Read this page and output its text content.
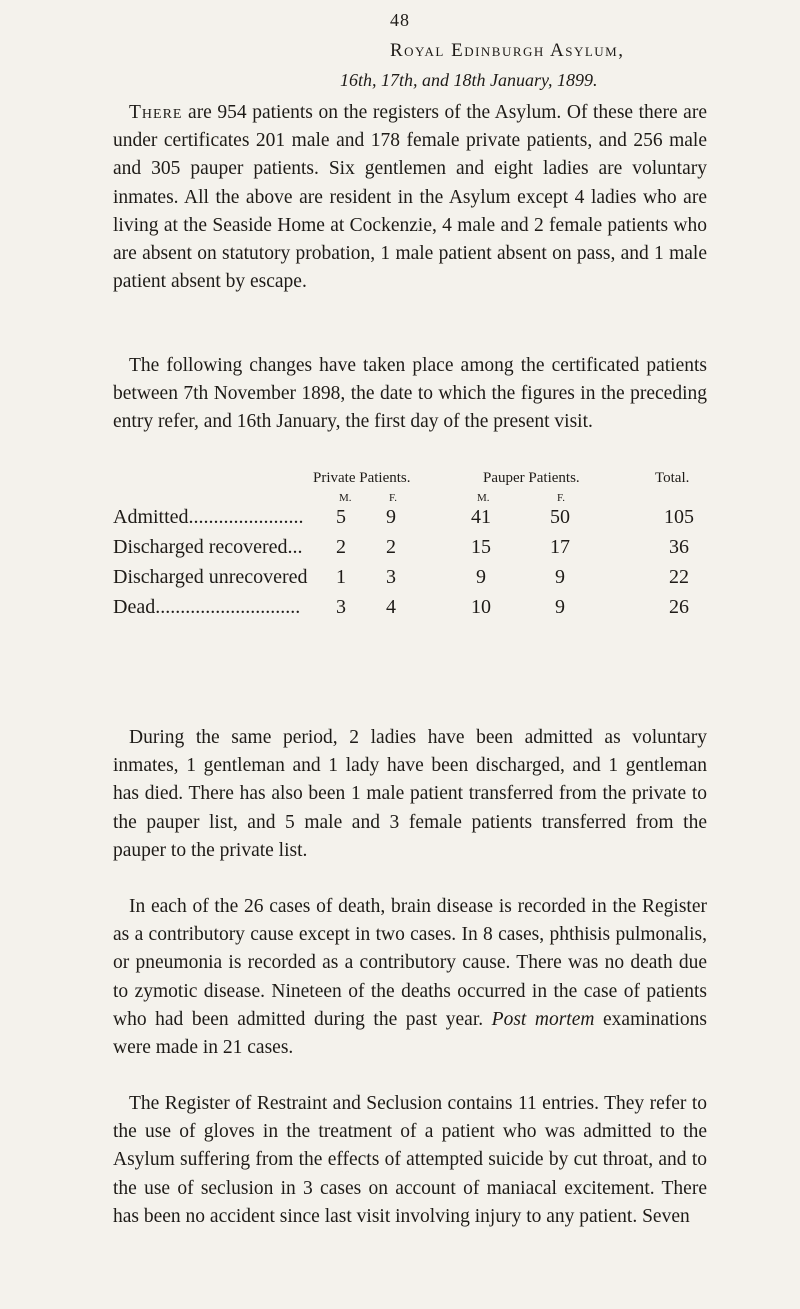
48
Royal Edinburgh Asylum,
16th, 17th, and 18th January, 1899.

There are 954 patients on the registers of the Asylum. Of these there are under certificates 201 male and 178 female private patients, and 256 male and 305 pauper patients. Six gentlemen and eight ladies are voluntary inmates. All the above are resident in the Asylum except 4 ladies who are living at the Seaside Home at Cockenzie, 4 male and 2 female patients who are absent on statutory probation, 1 male patient absent on pass, and 1 male patient absent by escape.

The following changes have taken place among the certificated patients between 7th November 1898, the date to which the figures in the preceding entry refer, and 16th January, the first day of the present visit.

Private Patients.	Pauper Patients.	Total.
M.	F.	M.	F.
Admitted.......................	5	9	41	50	105
Discharged recovered...	2	2	15	17	36
Discharged unrecovered	1	3	9	9	22
Dead.............................	3	4	10	9	26

During the same period, 2 ladies have been admitted as voluntary inmates, 1 gentleman and 1 lady have been discharged, and 1 gentleman has died. There has also been 1 male patient transferred from the private to the pauper list, and 5 male and 3 female patients transferred from the pauper to the private list.

In each of the 26 cases of death, brain disease is recorded in the Register as a contributory cause except in two cases. In 8 cases, phthisis pulmonalis, or pneumonia is recorded as a contributory cause. There was no death due to zymotic disease. Nineteen of the deaths occurred in the case of patients who had been admitted during the past year. Post mortem examinations were made in 21 cases.

The Register of Restraint and Seclusion contains 11 entries. They refer to the use of gloves in the treatment of a patient who was admitted to the Asylum suffering from the effects of attempted suicide by cut throat, and to the use of seclusion in 3 cases on account of maniacal excitement. There has been no accident since last visit involving injury to any patient. Seven
